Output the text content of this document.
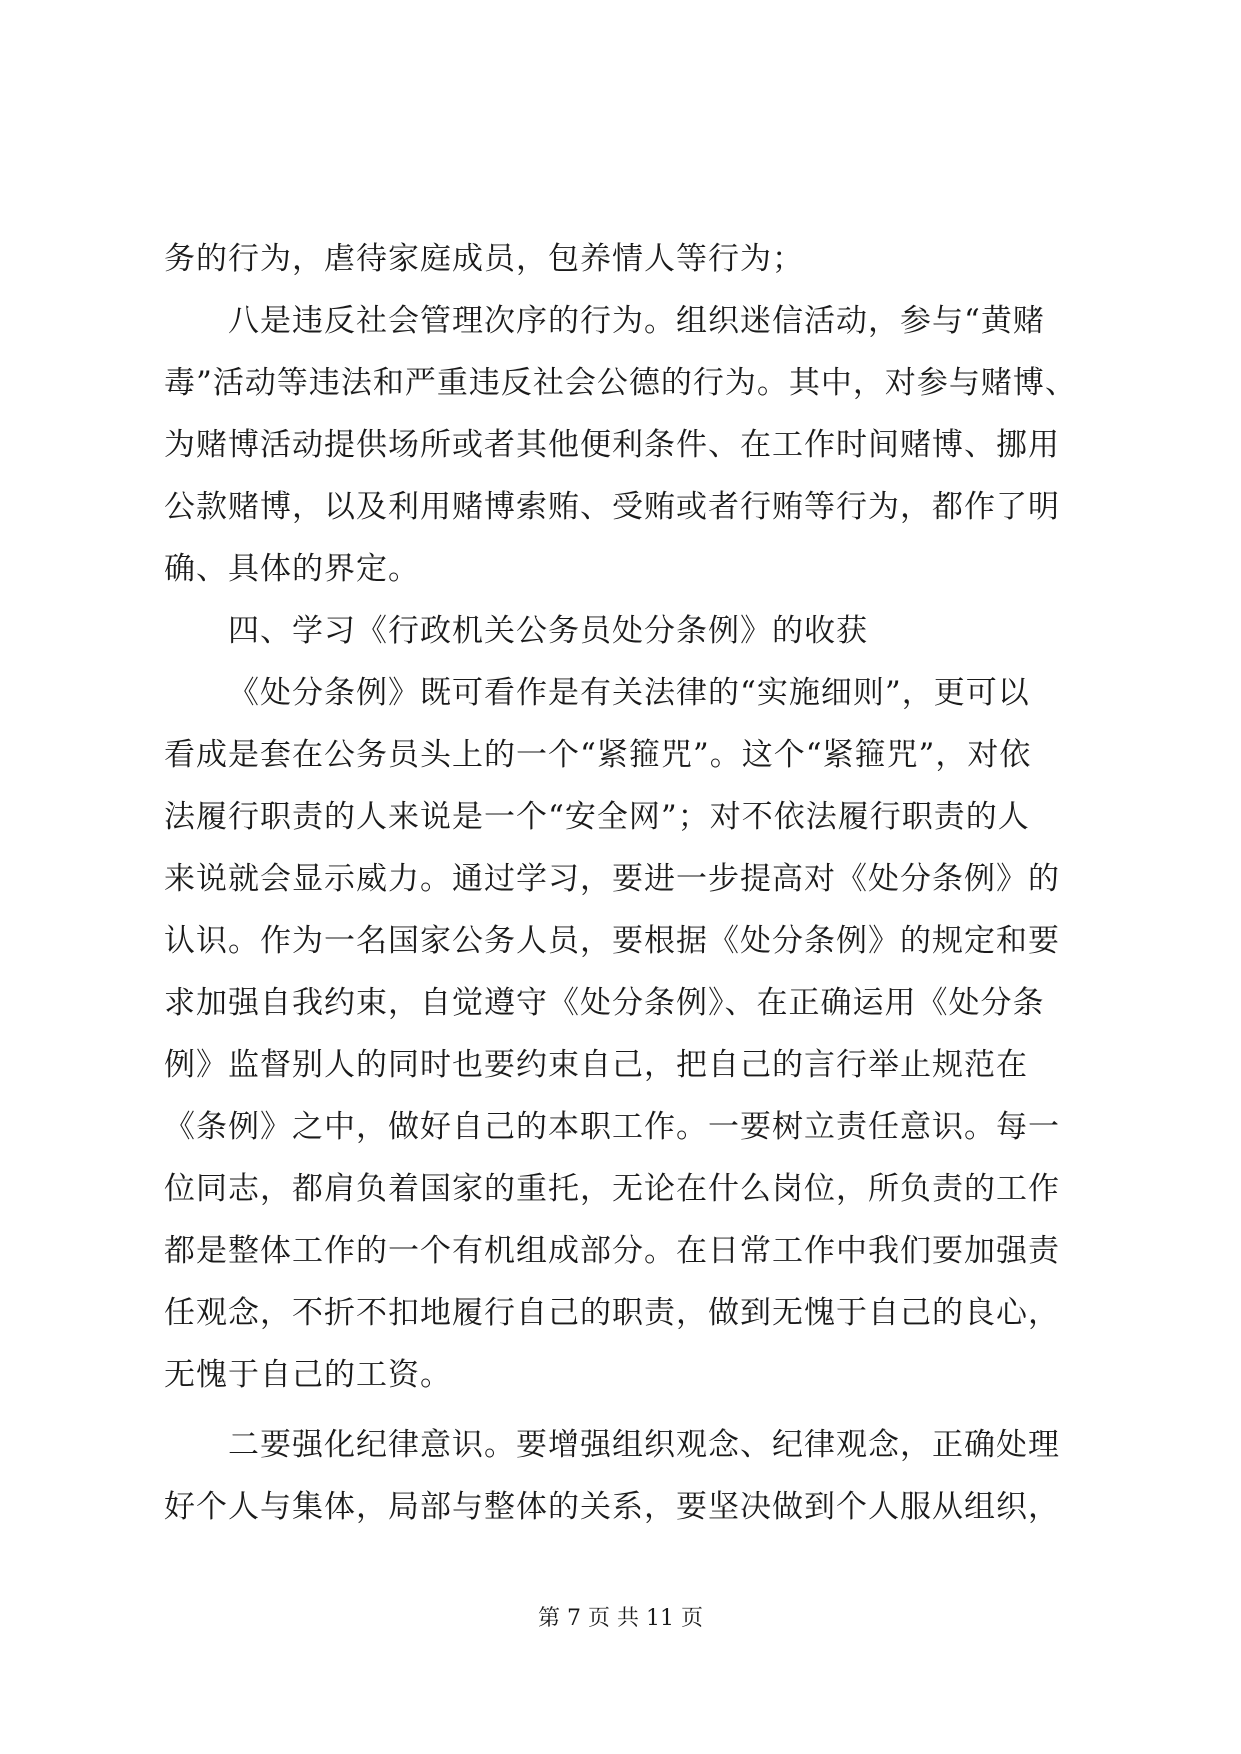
务的行为，虐待家庭成员，包养情人等行为；
八是违反社会管理次序的行为。组织迷信活动，参与“黄赌
毒”活动等违法和严重违反社会公德的行为。其中，对参与赌博、
为赌博活动提供场所或者其他便利条件、在工作时间赌博、挪用
公款赌博，以及利用赌博索贿、受贿或者行贿等行为，都作了明
确、具体的界定。
四、学习《行政机关公务员处分条例》的收获
《处分条例》既可看作是有关法律的“实施细则”，更可以
看成是套在公务员头上的一个“紧箍咒”。这个“紧箍咒”，对依
法履行职责的人来说是一个“安全网”；对不依法履行职责的人
来说就会显示威力。通过学习，要进一步提高对《处分条例》的
认识。作为一名国家公务人员，要根据《处分条例》的规定和要
求加强自我约束，自觉遵守《处分条例》、在正确运用《处分条
例》监督别人的同时也要约束自己，把自己的言行举止规范在
《条例》之中，做好自己的本职工作。一要树立责任意识。每一
位同志，都肩负着国家的重托，无论在什么岗位，所负责的工作
都是整体工作的一个有机组成部分。在日常工作中我们要加强责
任观念，不折不扣地履行自己的职责，做到无愧于自己的良心，
无愧于自己的工资。
二要强化纪律意识。要增强组织观念、纪律观念，正确处理
好个人与集体，局部与整体的关系，要坚决做到个人服从组织，
第 7 页 共 11 页
